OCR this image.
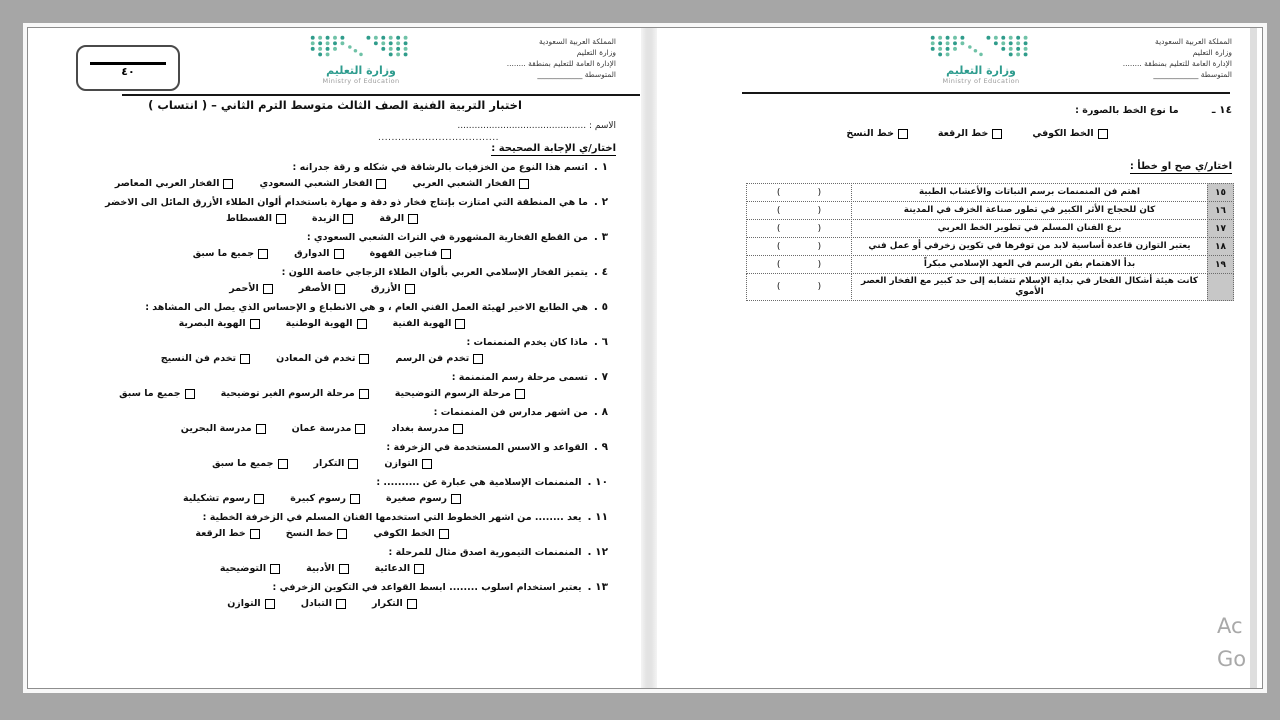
٤٠	وزارة التعليم
Ministry of Education
المملكة العربية السعودية
وزارة التعليم
الإدارة العامة للتعليم بمنطقة ........
المتوسطة ____________
اختبار التربية الفنية الصف الثالث متوسط الترم الثاني – ( انتساب )
الاسم : .............................................
....................................
اختار/ي الإجابة الصحيحة :
١ .اتسم هذا النوع من الخزفيات بالرشاقة في شكله و رقة جدرانه :
الفخار الشعبي العربي
الفخار الشعبي السعودي
الفخار العربي المعاصر
٢ .ما هي المنطقة التي امتازت بإنتاج فخار ذو دقة و مهارة باستخدام ألوان الطلاء الأزرق المائل الى الاخضر
الرقة
الزبدة
الفسطاط
٣ .من القطع الفخارية المشهورة في التراث الشعبي السعودي :
فناجين القهوة
الدوارق
جميع ما سبق
٤ .يتميز الفخار الإسلامي العربي بألوان الطلاء الزجاجي خاصة اللون :
الأزرق
الأصفر
الأحمر
٥ .هي الطابع الاخير لهيئة العمل الفني العام ، و هي الانطباع و الإحساس الذي يصل الى المشاهد :
الهوية الفنية
الهوية الوطنية
الهوية البصرية
٦ .ماذا كان يخدم المنمنمات :
تخدم فن الرسم
تخدم فن المعادن
تخدم فن النسيج
٧ .تسمى مرحلة رسم المنمنمة :
مرحلة الرسوم التوضيحية
مرحلة الرسوم الغير توضيحية
جميع ما سبق
٨ .من اشهر مدارس فن المنمنمات :
مدرسة بغداد
مدرسة عمان
مدرسة البحرين
٩ .القواعد و الاسس المستخدمة في الزخرفة :
التوازن
التكرار
جميع ما سبق
١٠ .المنمنمات الإسلامية هي عبارة عن .......... :
رسوم صغيرة
رسوم كبيرة
رسوم تشكيلية
١١ .يعد ........ من اشهر الخطوط التي استخدمها الفنان المسلم في الزخرفة الخطية :
الخط الكوفي
خط النسخ
خط الرقعة
١٢ .المنمنمات التيمورية اصدق مثال للمرحلة :
الدعائية
الأدبية
التوضيحية
١٣ .يعتبر استخدام اسلوب ........ ابسط القواعد في التكوين الزخرفي :
التكرار
التبادل
التوازن
وزارة التعليم
Ministry of Education
المملكة العربية السعودية
وزارة التعليم
الإدارة العامة للتعليم بمنطقة ........
المتوسطة ____________
١٤ ـ ما نوع الخط بالصورة :
الخط الكوفي
خط الرقعة
خط النسخ
اختار/ي صح او خطأ :
١٥
اهتم فن المنمنمات برسم النباتات والأعشاب الطبية
(             )
١٦
كان للحجاج الأثر الكبير في تطور صناعة الخزف في المدينة
(             )
١٧
برع الفنان المسلم في تطوير الخط العربي
(             )
١٨
يعتبر التوازن قاعدة أساسية لابد من توفرها في تكوين زخرفي أو عمل فني
(             )
١٩
بدأ الاهتمام بفن الرسم في العهد الإسلامي مبكراً
(             )
كانت هيئة أشكال الفخار في بداية الإسلام تتشابه إلى حد كبير مع الفخار العصر الأموي
(             )
Ac
Go
